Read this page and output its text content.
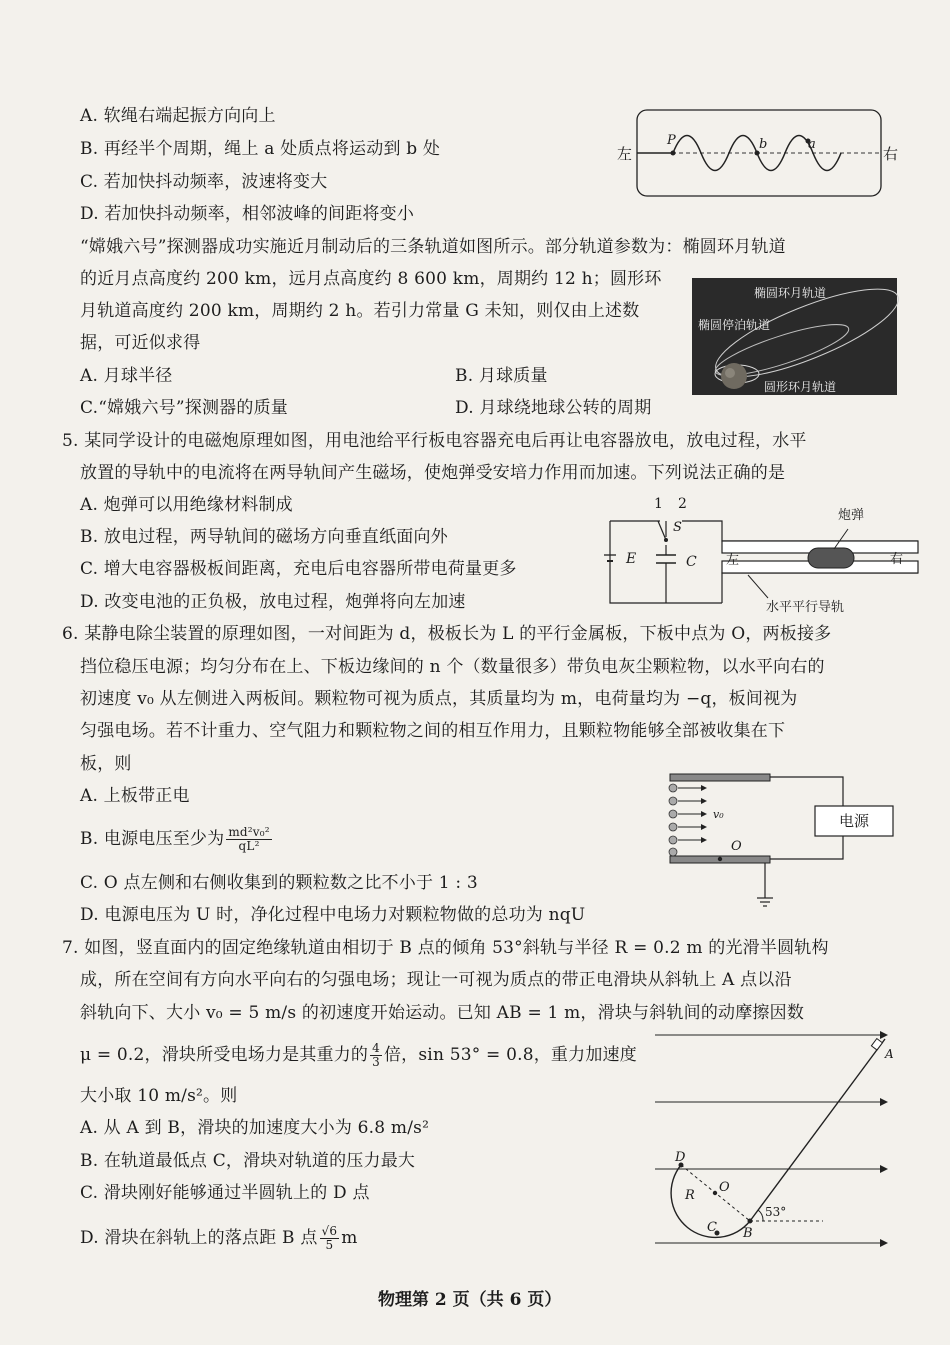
A. 软绳右端起振方向向上
B. 再经半个周期，绳上 a 处质点将运动到 b 处
C. 若加快抖动频率，波速将变大
D. 若加快抖动频率，相邻波峰的间距将变小
左	右
P	b	a
“嫦娥六号”探测器成功实施近月制动后的三条轨道如图所示。部分轨道参数为：椭圆环月轨道
的近月点高度约 200 km，远月点高度约 8 600 km，周期约 12 h；圆形环
月轨道高度约 200 km，周期约 2 h。若引力常量 G 未知，则仅由上述数
据，可近似求得
A. 月球半径	B. 月球质量
C.“嫦娥六号”探测器的质量	D. 月球绕地球公转的周期
椭圆环月轨道
椭圆停泊轨道
圆形环月轨道
5. 某同学设计的电磁炮原理如图，用电池给平行板电容器充电后再让电容器放电，放电过程，水平
放置的导轨中的电流将在两导轨间产生磁场，使炮弹受安培力作用而加速。下列说法正确的是
A. 炮弹可以用绝缘材料制成
B. 放电过程，两导轨间的磁场方向垂直纸面向外
C. 增大电容器极板间距离，充电后电容器所带电荷量更多
D. 改变电池的正负极，放电过程，炮弹将向左加速
1 2
S
E	C 左	右
炮弹
水平平行导轨
6. 某静电除尘装置的原理如图，一对间距为 d，极板长为 L 的平行金属板，下板中点为 O，两板接多
挡位稳压电源；均匀分布在上、下板边缘间的 n 个（数量很多）带负电灰尘颗粒物，以水平向右的
初速度 v₀ 从左侧进入两板间。颗粒物可视为质点，其质量均为 m，电荷量均为 −q，板间视为
匀强电场。若不计重力、空气阻力和颗粒物之间的相互作用力，且颗粒物能够全部被收集在下
板，则
A. 上板带正电
B. 电源电压至少为 $\frac{\text{md²v₀²}}{\text{qL²}}$
C. O 点左侧和右侧收集到的颗粒数之比不小于 1 : 3
D. 电源电压为 U 时，净化过程中电场力对颗粒物做的总功为 nqU
v₀
O
电源
7. 如图，竖直面内的固定绝缘轨道由相切于 B 点的倾角 53°斜轨与半径 R = 0.2 m 的光滑半圆轨构
成，所在空间有方向水平向右的匀强电场；现让一可视为质点的带正电滑块从斜轨上 A 点以沿
斜轨向下、大小 v₀ = 5 m/s 的初速度开始运动。已知 AB = 1 m，滑块与斜轨间的动摩擦因数
μ = 0.2，滑块所受电场力是其重力的 $\frac{4}{3}$ 倍，sin 53° = 0.8，重力加速度
大小取 10 m/s²。则
A. 从 A 到 B，滑块的加速度大小为 6.8 m/s²
B. 在轨道最低点 C，滑块对轨道的压力最大
C. 滑块刚好能够通过半圆轨上的 D 点
D. 滑块在斜轨上的落点距 B 点 $\frac{√6}{5}$ m
A
B
C
D
O
R
53°
物理第 2 页（共 6 页）
